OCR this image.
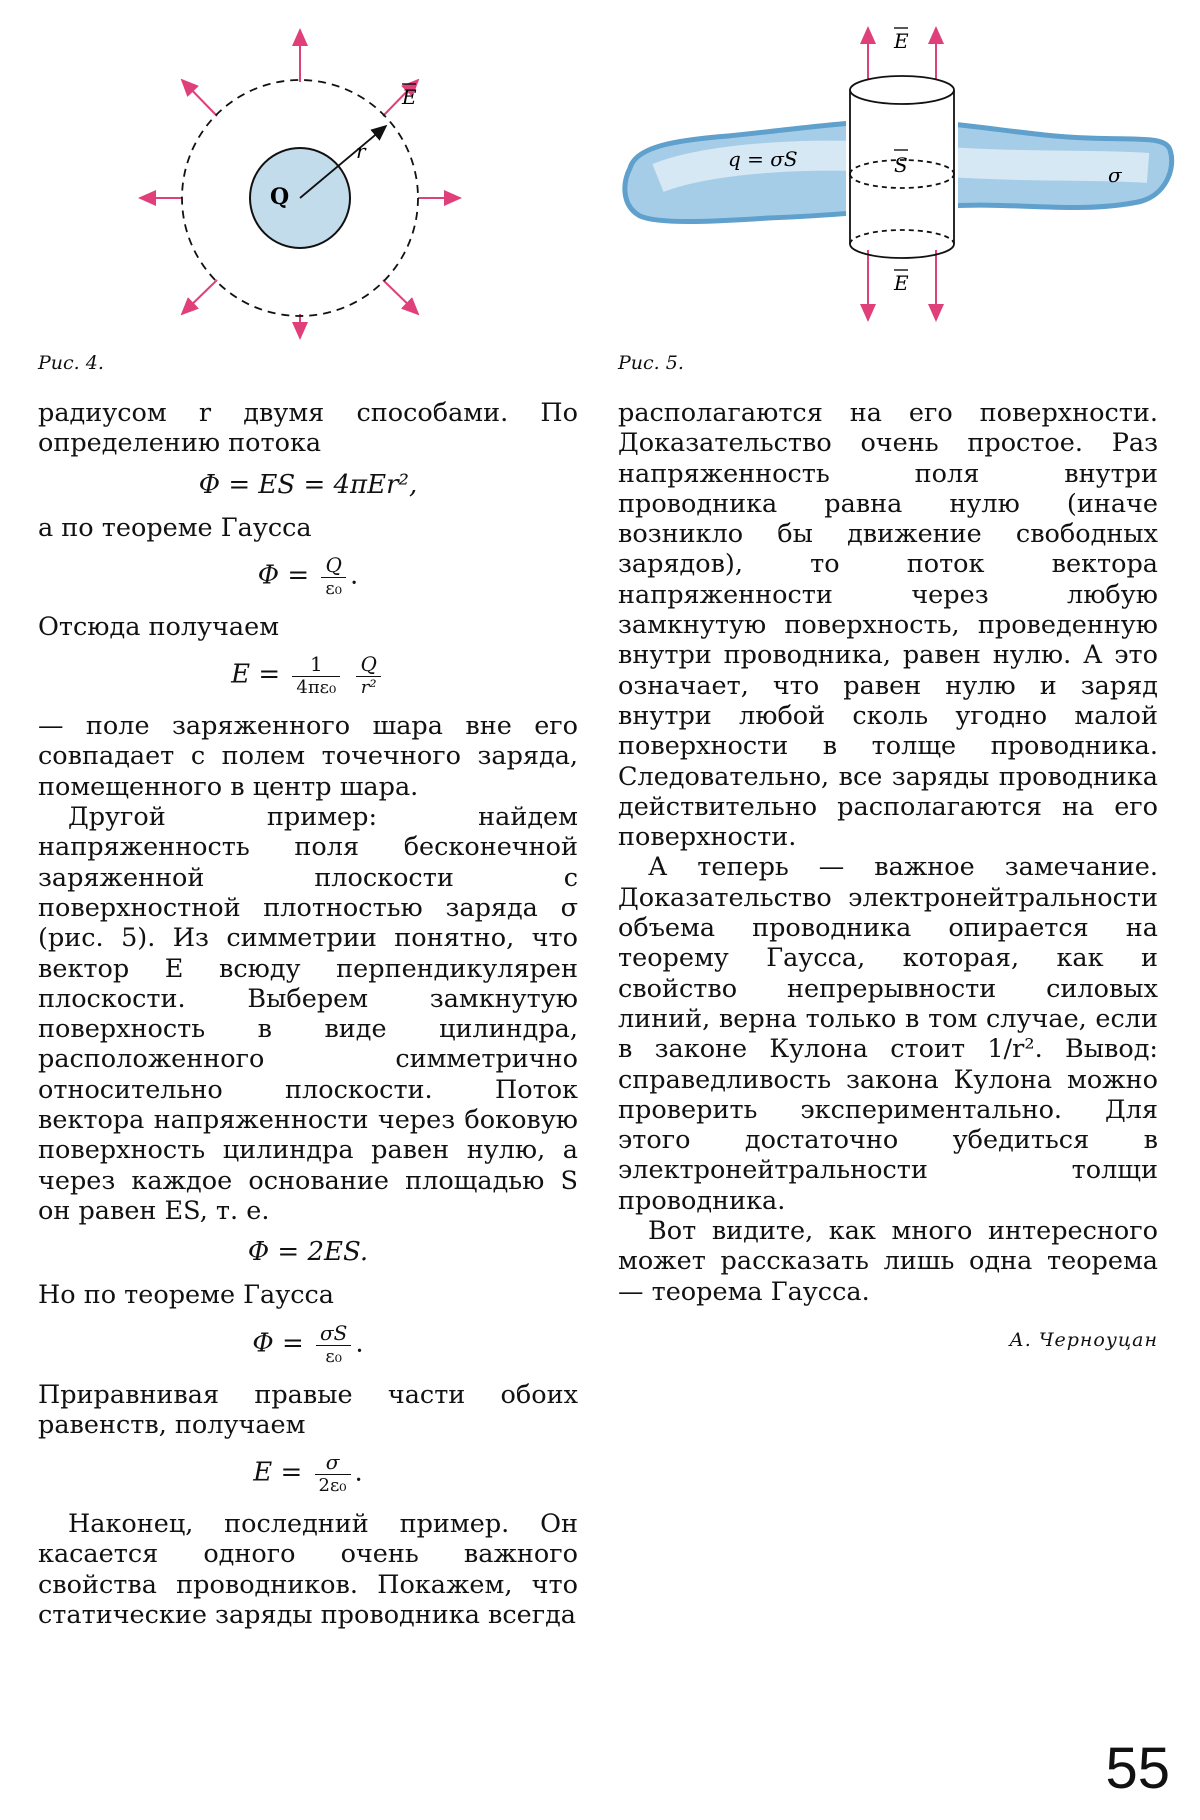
Q
r
E
Рис. 4.
E
E
q = σS	S	σ
Рис. 5.

радиусом r двумя способами. По определению потока

Φ = ES = 4πEr²,

а по теореме Гаусса

$\Phi = \frac{Q}{\text{ε₀}}$ .

Отсюда получаем

$E = \frac{1}{\text{4πε₀}}$
$\frac{Q}{\text{r²}}$

— поле заряженного шара вне его совпадает с полем точечного заряда, помещенного в центр шара.

Другой пример: найдем напряженность поля бесконечной заряженной плоскости с поверхностной плотностью заряда σ (рис. 5). Из симметрии понятно, что вектор E всюду перпендикулярен плоскости. Выберем замкнутую поверхность в виде цилиндра, расположенного симметрично относительно плоскости. Поток вектора напряженности через боковую поверхность цилиндра равен нулю, а через каждое основание площадью S он равен ES, т. е.

Φ = 2ES.

Но по теореме Гаусса

$\Phi = \frac{\sigma S}{\text{ε₀}}$ .

Приравнивая правые части обоих равенств, получаем

$E = \frac{\sigma}{\text{2ε₀}}$ .

Наконец, последний пример. Он касается одного очень важного свойства проводников. Покажем, что статические заряды проводника всегда

располагаются на его поверхности. Доказательство очень простое. Раз напряженность поля внутри проводника равна нулю (иначе возникло бы движение свободных зарядов), то поток вектора напряженности через любую замкнутую поверхность, проведенную внутри проводника, равен нулю. А это означает, что равен нулю и заряд внутри любой сколь угодно малой поверхности в толще проводника. Следовательно, все заряды проводника действительно располагаются на его поверхности.

А теперь — важное замечание. Доказательство электронейтральности объема проводника опирается на теорему Гаусса, которая, как и свойство непрерывности силовых линий, верна только в том случае, если в законе Кулона стоит 1/r². Вывод: справедливость закона Кулона можно проверить экспериментально. Для этого достаточно убедиться в электронейтральности толщи проводника.

Вот видите, как много интересного может рассказать лишь одна теорема — теорема Гаусса.

А. Черноуцан
55
